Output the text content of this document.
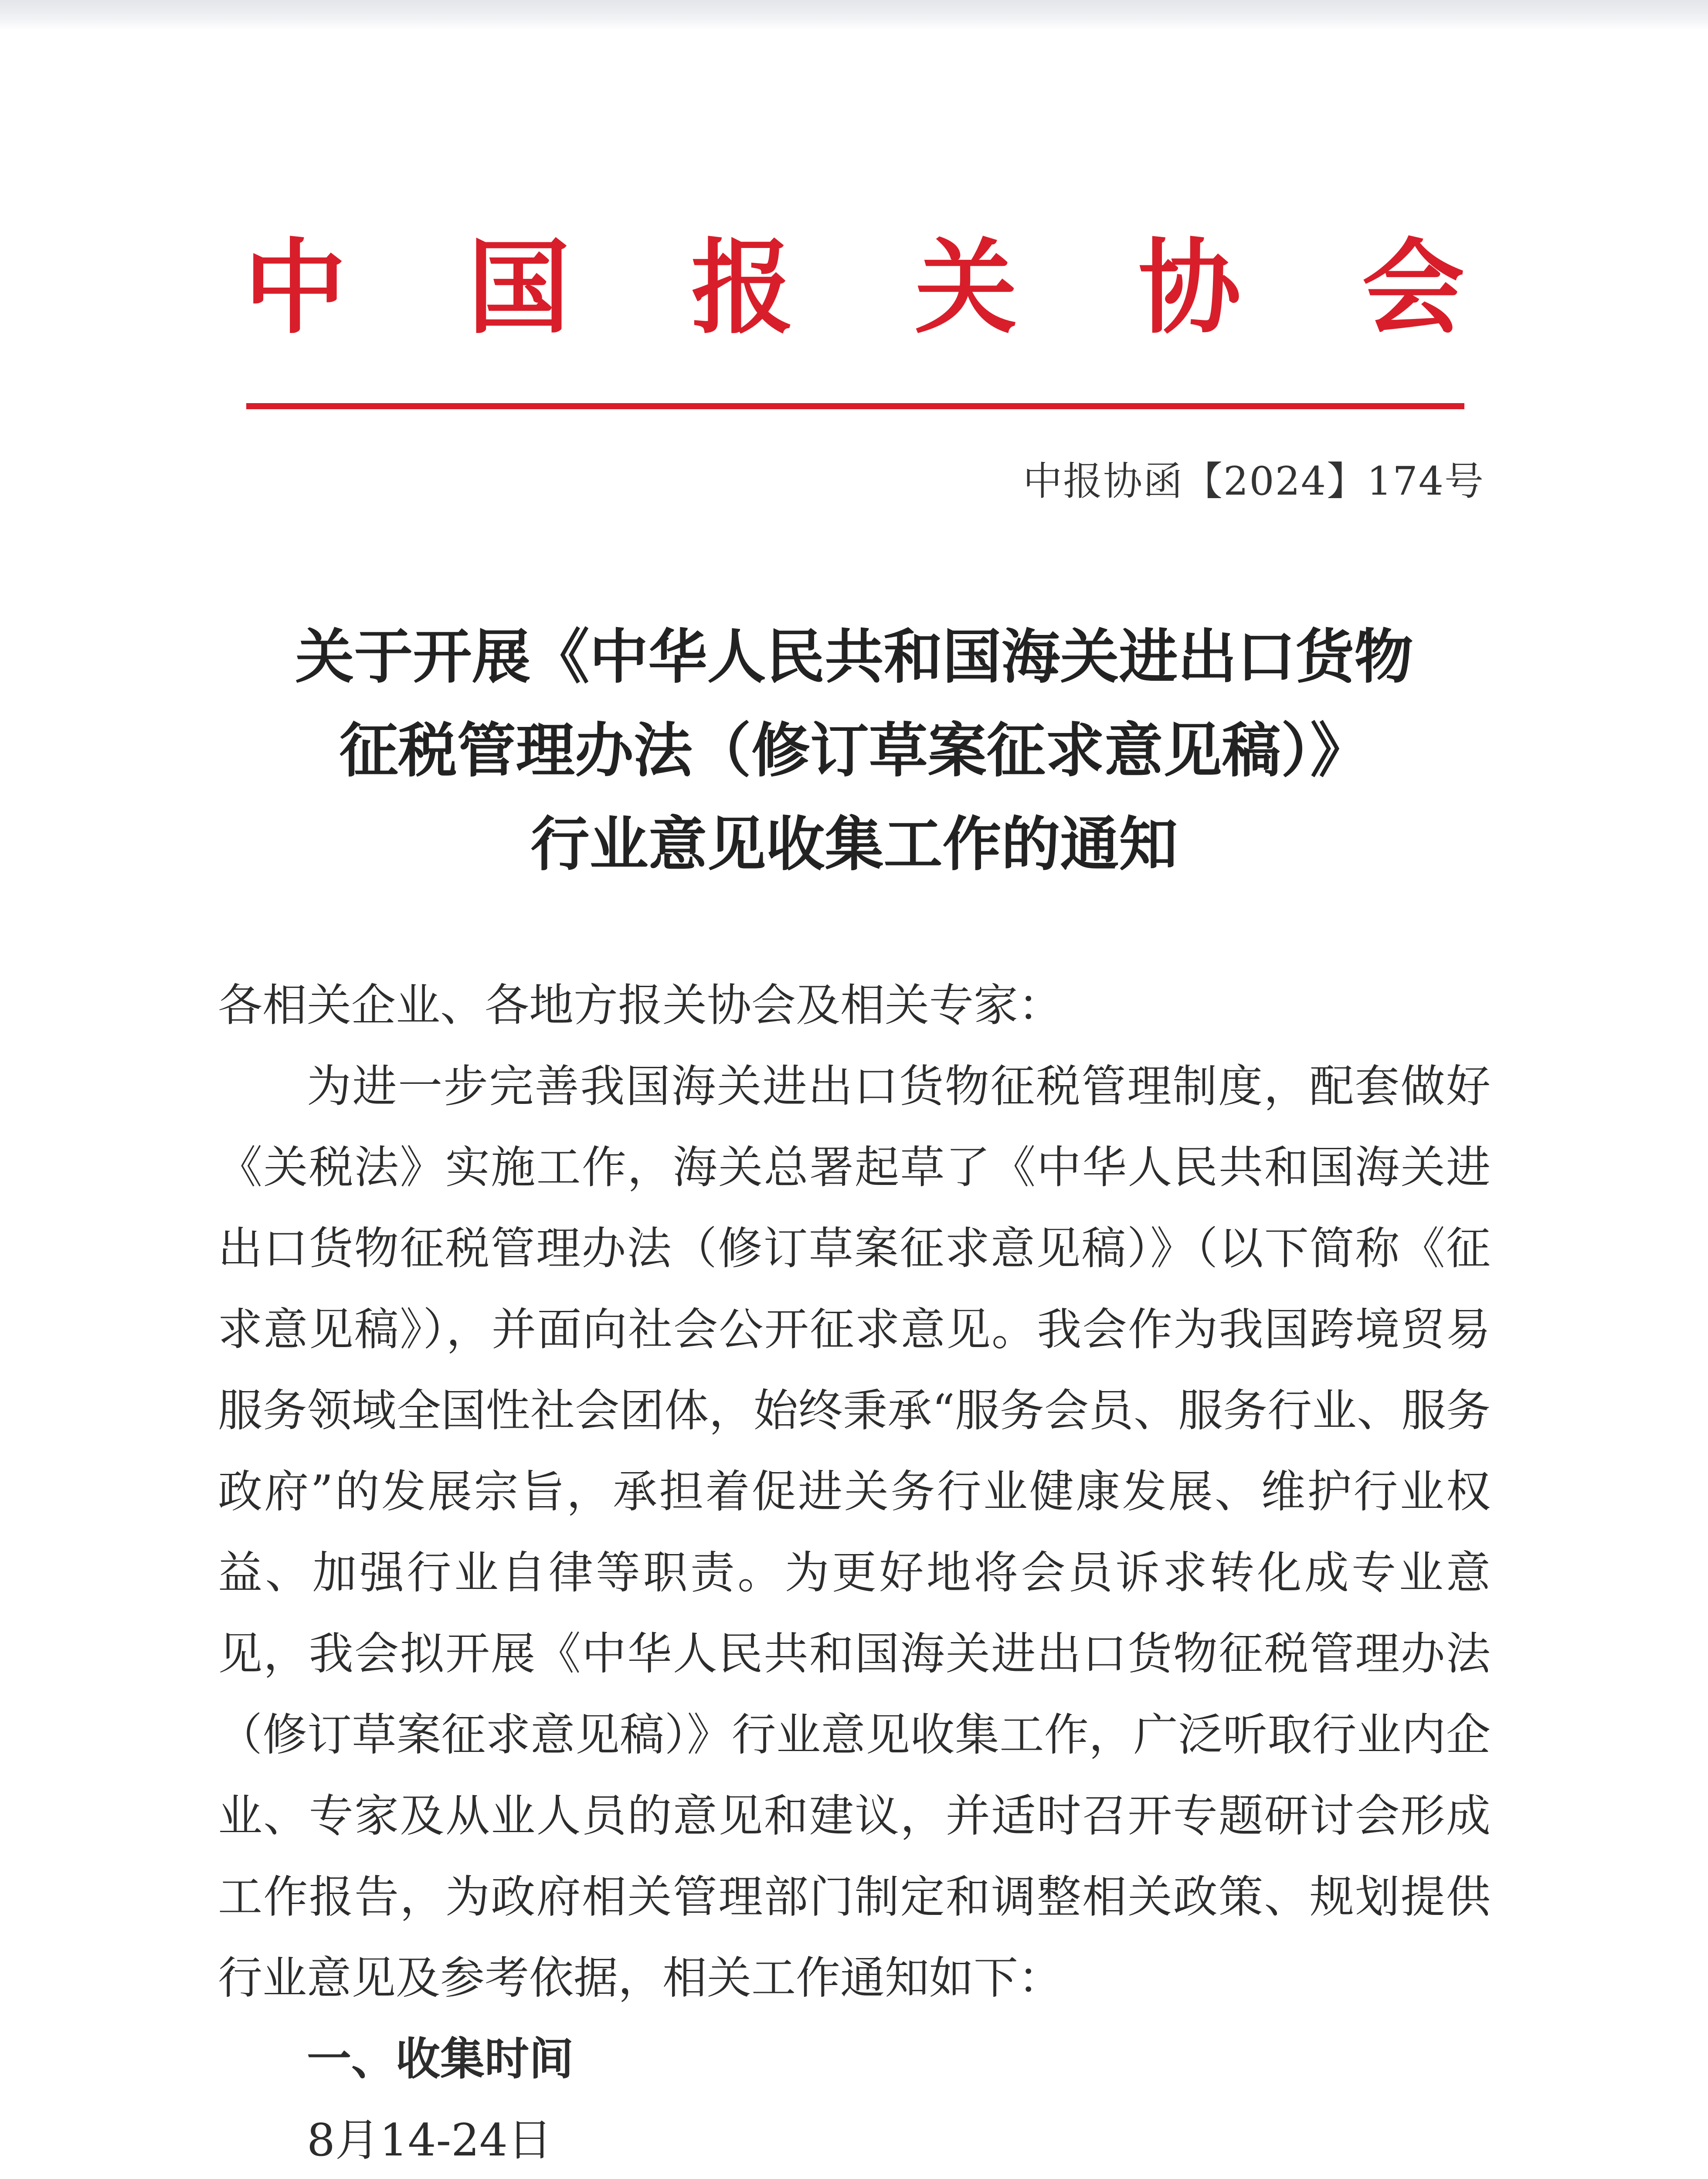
中 国 报 关 协 会
中报协函【2024】174号
关于开展《中华人民共和国海关进出口货物
征税管理办法（修订草案征求意见稿）》
行业意见收集工作的通知

各相关企业、各地方报关协会及相关专家：

为进一步完善我国海关进出口货物征税管理制度，配套做好《关税法》实施工作，海关总署起草了《中华人民共和国海关进出口货物征税管理办法（修订草案征求意见稿）》（以下简称《征求意见稿》），并面向社会公开征求意见。我会作为我国跨境贸易服务领域全国性社会团体，始终秉承“服务会员、服务行业、服务政府”的发展宗旨，承担着促进关务行业健康发展、维护行业权益、加强行业自律等职责。为更好地将会员诉求转化成专业意见，我会拟开展《中华人民共和国海关进出口货物征税管理办法（修订草案征求意见稿）》行业意见收集工作，广泛听取行业内企业、专家及从业人员的意见和建议，并适时召开专题研讨会形成工作报告，为政府相关管理部门制定和调整相关政策、规划提供行业意见及参考依据，相关工作通知如下：

一、收集时间

8月14-24日
